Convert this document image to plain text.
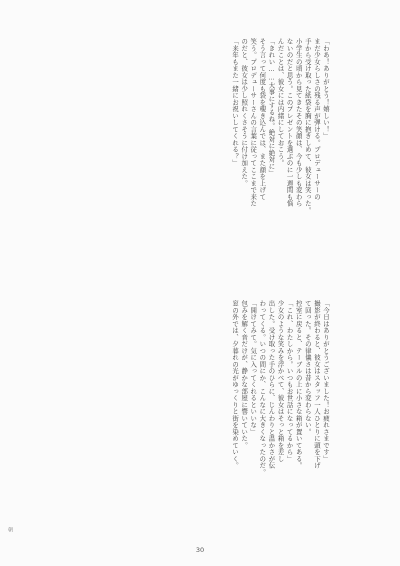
「わあ！ありがとう！嬉しい！」
まだ少女らしさの残る声が弾ける。プロデューサーの
手から受け取った紙袋を胸に抱きしめて、彼女は笑った。
小学生の頃から見てきたその笑顔は、今も少しも変わら
ないのだと思う。このプレゼントを選ぶのに一週間も悩
んだことは、彼女には内緒にしておこう。
「きれい……大事にするね。絶対に絶対に」
そう言って何度も袋を覗き込んでは、また顔を上げて
笑う。プロデューサーさんの言葉に従ってここまで来た
のだと、彼女は少し照れくさそうに付け加えた。
「来年もまた一緒にお祝いしてくれる？」
「今日はありがとうございました！お疲れさまです」
撮影が終わると、彼女はスタッフ一人ひとりに頭を下げ
て回った。その律儀さは昔から変わらない。
控室に戻ると、テーブルの上に小さな箱が置いてある。
「これ、わたしから。いつもお世話になってるから」
少女のような笑みを浮かべて、彼女はそっと箱を差し
出した。受け取った手のひらに、じんわりと温かさが伝
わってくる。いつの間にか、こんなに大きくなったのだ。
「開けてみて。気に入ってくれるといいな」
包みを解く音だけが、静かな部屋に響いていた。
窓の外では、夕暮れの光がゆっくりと街を染めていく。
朝
30
